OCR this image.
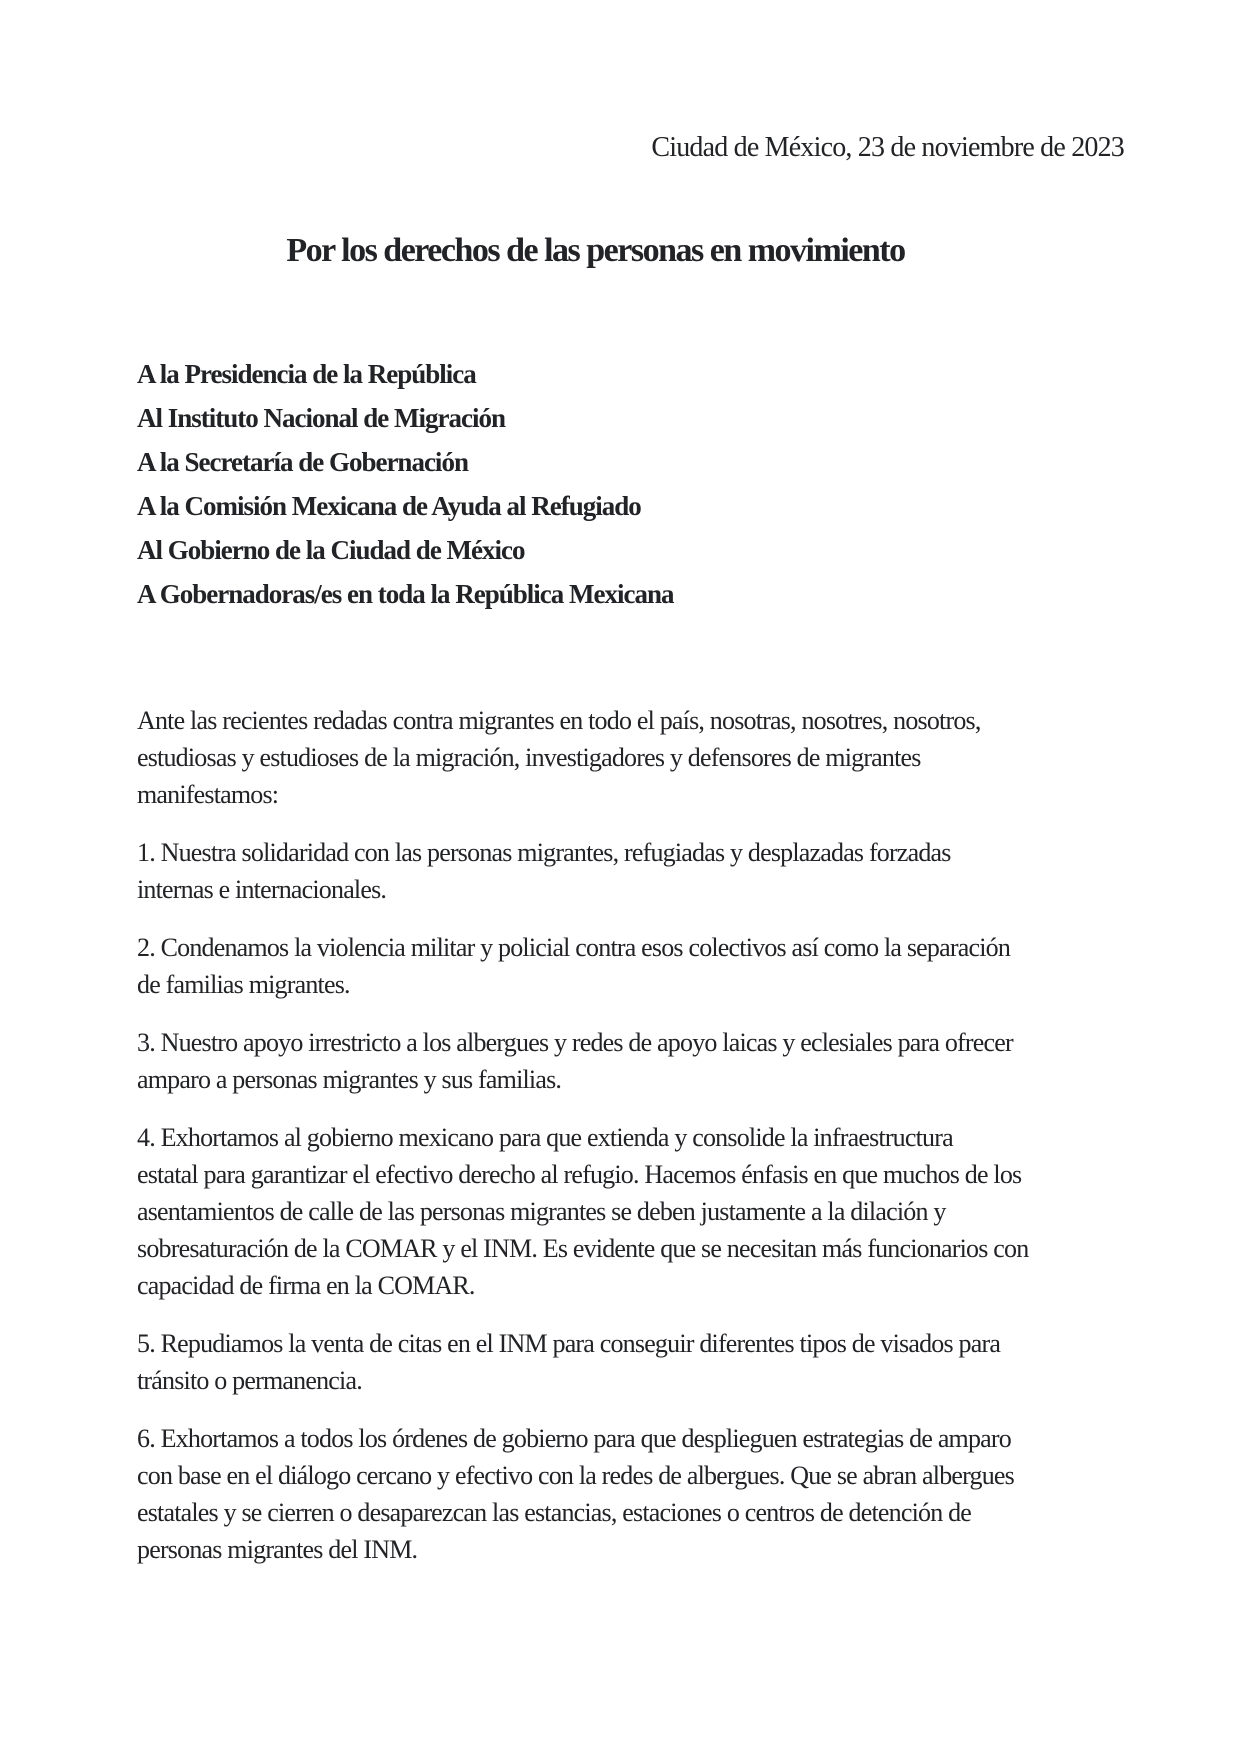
Ciudad de México, 23 de noviembre de 2023
Por los derechos de las personas en movimiento
A la Presidencia de la República
Al Instituto Nacional de Migración
A la Secretaría de Gobernación
A la Comisión Mexicana de Ayuda al Refugiado
Al Gobierno de la Ciudad de México
A Gobernadoras/es en toda la República Mexicana
Ante las recientes redadas contra migrantes en todo el país, nosotras, nosotres, nosotros,
estudiosas y estudioses de la migración, investigadores y defensores de migrantes
manifestamos:
1. Nuestra solidaridad con las personas migrantes, refugiadas y desplazadas forzadas
internas e internacionales.
2. Condenamos la violencia militar y policial contra esos colectivos así como la separación
de familias migrantes.
3. Nuestro apoyo irrestricto a los albergues y redes de apoyo laicas y eclesiales para ofrecer
amparo a personas migrantes y sus familias.
4. Exhortamos al gobierno mexicano para que extienda y consolide la infraestructura
estatal para garantizar el efectivo derecho al refugio. Hacemos énfasis en que muchos de los
asentamientos de calle de las personas migrantes se deben justamente a la dilación y
sobresaturación de la COMAR y el INM. Es evidente que se necesitan más funcionarios con
capacidad de firma en la COMAR.
5. Repudiamos la venta de citas en el INM para conseguir diferentes tipos de visados para
tránsito o permanencia.
6. Exhortamos a todos los órdenes de gobierno para que desplieguen estrategias de amparo
con base en el diálogo cercano y efectivo con la redes de albergues. Que se abran albergues
estatales y se cierren o desaparezcan las estancias, estaciones o centros de detención de
personas migrantes del INM.
